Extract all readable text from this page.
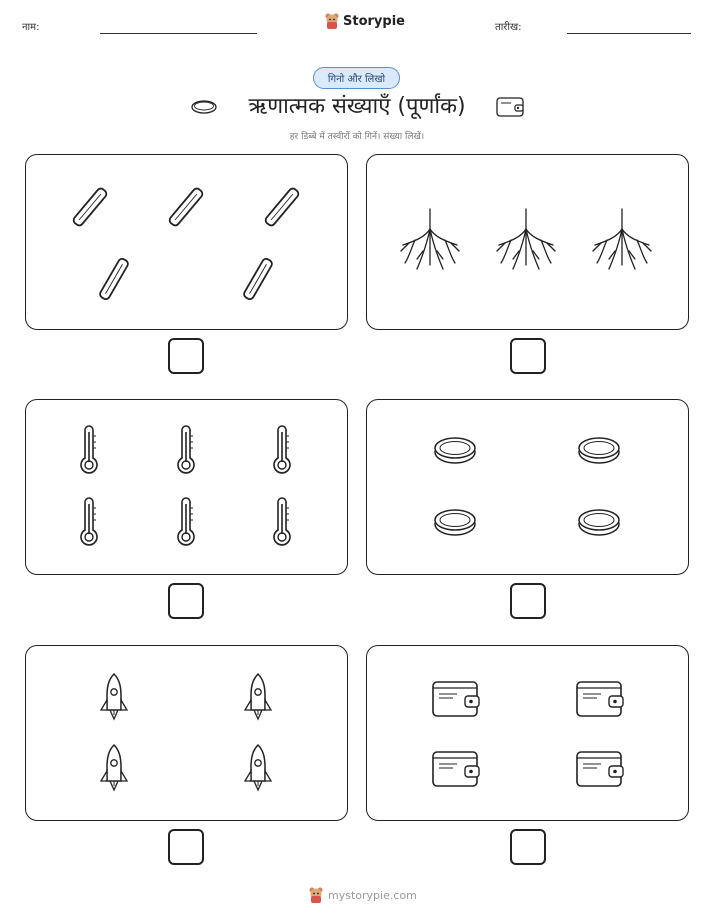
नाम:	Storypie	तारीख:
गिनो और लिखो
ऋणात्मक संख्याएँ (पूर्णांक)
हर डिब्बे में तस्वीरों को गिनें। संख्या लिखें।
mystorypie.com
